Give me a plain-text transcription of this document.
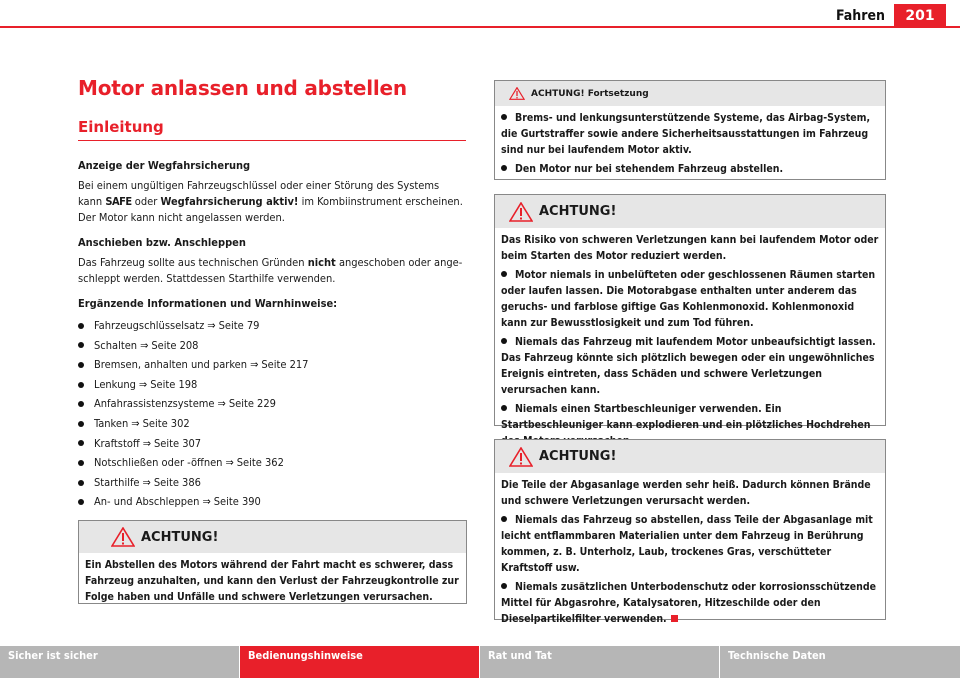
Fahren	201
Motor anlassen und abstellen
Einleitung
Anzeige der Wegfahrsicherung

Bei einem ungültigen Fahrzeugschlüssel oder einer Störung des Systems kann SAFE oder Wegfahrsicherung aktiv! im Kombiinstrument erscheinen. Der Motor kann nicht angelassen werden.

Anschieben bzw. Anschleppen

Das Fahrzeug sollte aus technischen Gründen nicht angeschoben oder angeschleppt werden. Stattdessen Starthilfe verwenden.

Ergänzende Informationen und Warnhinweise:
Fahrzeugschlüsselsatz ⇒ Seite 79
Schalten ⇒ Seite 208
Bremsen, anhalten und parken ⇒ Seite 217
Lenkung ⇒ Seite 198
Anfahrassistenzsysteme ⇒ Seite 229
Tanken ⇒ Seite 302
Kraftstoff ⇒ Seite 307
Notschließen oder -öffnen ⇒ Seite 362
Starthilfe ⇒ Seite 386
An- und Abschleppen ⇒ Seite 390
ACHTUNG!

Ein Abstellen des Motors während der Fahrt macht es schwerer, dass Fahrzeug anzuhalten, und kann den Verlust der Fahrzeugkontrolle zur Folge haben und Unfälle und schwere Verletzungen verursachen.

ACHTUNG! Fortsetzung

Brems- und lenkungsunterstützende Systeme, das Airbag-System, die Gurtstraffer sowie andere Sicherheitsausstattungen im Fahrzeug sind nur bei laufendem Motor aktiv.

Den Motor nur bei stehendem Fahrzeug abstellen.

ACHTUNG!

Das Risiko von schweren Verletzungen kann bei laufendem Motor oder beim Starten des Motor reduziert werden.

Motor niemals in unbelüfteten oder geschlossenen Räumen starten oder laufen lassen. Die Motorabgase enthalten unter anderem das geruchs- und farblose giftige Gas Kohlenmonoxid. Kohlenmonoxid kann zur Bewusstlosigkeit und zum Tod führen.

Niemals das Fahrzeug mit laufendem Motor unbeaufsichtigt lassen. Das Fahrzeug könnte sich plötzlich bewegen oder ein ungewöhnliches Ereignis eintreten, dass Schäden und schwere Verletzungen verursachen kann.

Niemals einen Startbeschleuniger verwenden. Ein Startbeschleuniger kann explodieren und ein plötzliches Hochdrehen

ACHTUNG!

Die Teile der Abgasanlage werden sehr heiß. Dadurch können Brände und schwere Verletzungen verursacht werden.

Niemals das Fahrzeug so abstellen, dass Teile der Abgasanlage mit leicht entflammbaren Materialien unter dem Fahrzeug in Berührung kommen, z. B. Unterholz, Laub, trockenes Gras, verschütteter Kraftstoff usw.

Niemals zusätzlichen Unterbodenschutz oder korrosionsschützende Mittel für Abgasrohre, Katalysatoren, Hitzeschilde oder den Dieselpartikelfilter verwenden.

Sicher ist sicher	Bedienungshinweise	Rat und Tat	Technische Daten
